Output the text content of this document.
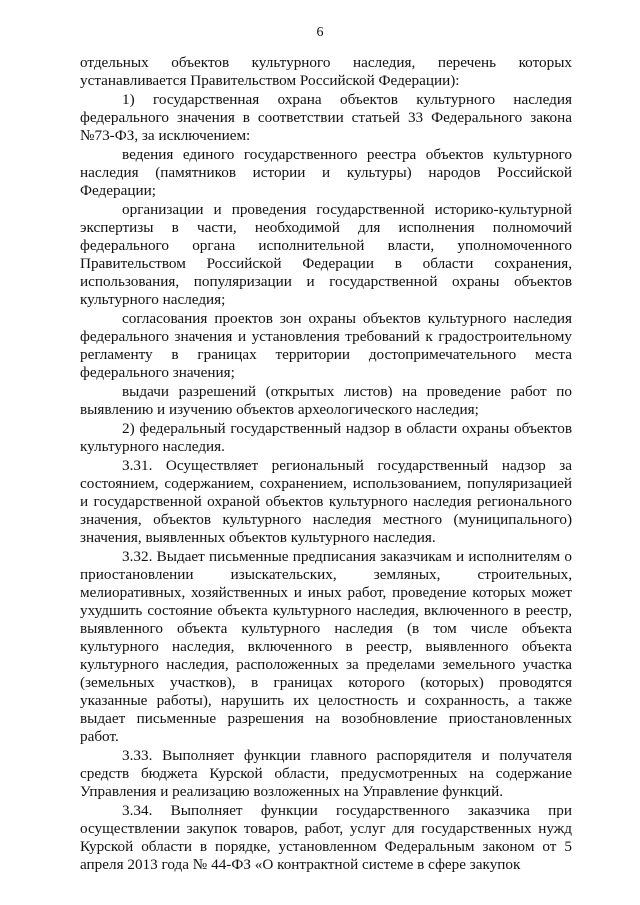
6

отдельных объектов культурного наследия, перечень которых устанавливается Правительством Российской Федерации):

1) государственная охрана объектов культурного наследия федерального значения в соответствии статьей 33 Федерального закона №73-ФЗ, за исключением:

ведения единого государственного реестра объектов культурного наследия (памятников истории и культуры) народов Российской Федерации;

организации и проведения государственной историко-культурной экспертизы в части, необходимой для исполнения полномочий федерального органа исполнительной власти, уполномоченного Правительством Российской Федерации в области сохранения, использования, популяризации и государственной охраны объектов культурного наследия;

согласования проектов зон охраны объектов культурного наследия федерального значения и установления требований к градостроительному регламенту в границах территории достопримечательного места федерального значения;

выдачи разрешений (открытых листов) на проведение работ по выявлению и изучению объектов археологического наследия;

2) федеральный государственный надзор в области охраны объектов культурного наследия.

3.31. Осуществляет региональный государственный надзор за состоянием, содержанием, сохранением, использованием, популяризацией и государственной охраной объектов культурного наследия регионального значения, объектов культурного наследия местного (муниципального) значения, выявленных объектов культурного наследия.

3.32. Выдает письменные предписания заказчикам и исполнителям о приостановлении изыскательских, земляных, строительных, мелиоративных, хозяйственных и иных работ, проведение которых может ухудшить состояние объекта культурного наследия, включенного в реестр, выявленного объекта культурного наследия (в том числе объекта культурного наследия, включенного в реестр, выявленного объекта культурного наследия, расположенных за пределами земельного участка (земельных участков), в границах которого (которых) проводятся указанные работы), нарушить их целостность и сохранность, а также выдает письменные разрешения на возобновление приостановленных работ.

3.33. Выполняет функции главного распорядителя и получателя средств бюджета Курской области, предусмотренных на содержание Управления и реализацию возложенных на Управление функций.

3.34. Выполняет функции государственного заказчика при осуществлении закупок товаров, работ, услуг для государственных нужд Курской области в порядке, установленном Федеральным законом от 5 апреля 2013 года № 44-ФЗ «О контрактной системе в сфере закупок
